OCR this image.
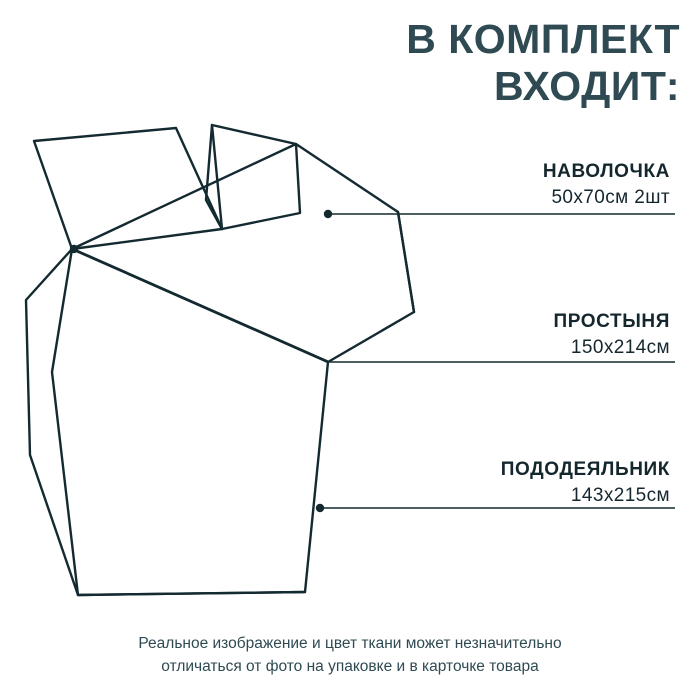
В КОМПЛЕКТ
ВХОДИТ:
НАВОЛОЧКА
50х70см 2шт
ПРОСТЫНЯ
150х214см
ПОДОДЕЯЛЬНИК
143х215см
Реальное изображение и цвет ткани может незначительно
отличаться от фото на упаковке и в карточке товара
